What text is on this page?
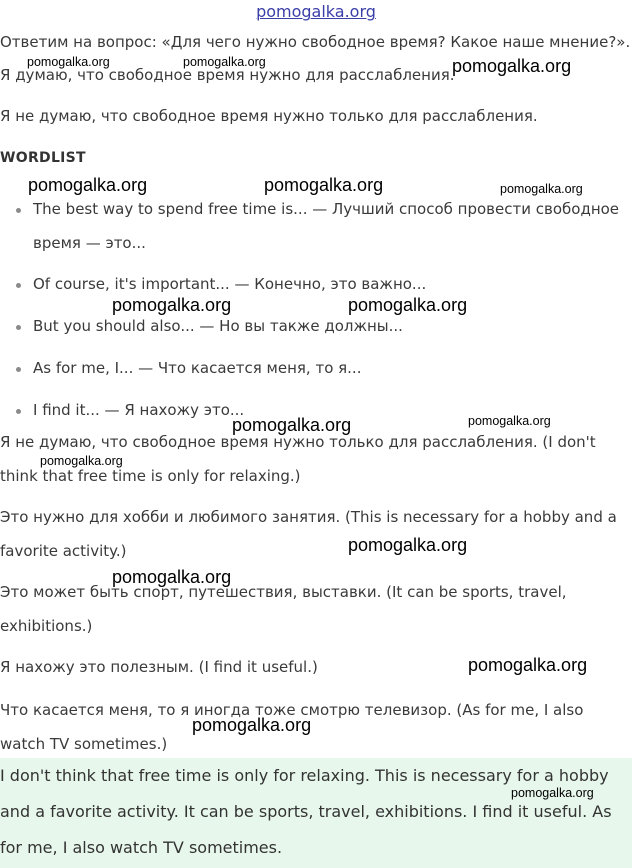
pomogalka.org

Ответим на вопрос: «Для чего нужно свободное время? Какое наше мнение?».

Я думаю, что свободное время нужно для расслабления.

Я не думаю, что свободное время нужно только для расслабления.

WORDLIST
The best way to spend free time is... — Лучший способ провести свободное время — это...
Of course, it's important... — Конечно, это важно...
But you should also... — Но вы также должны...
As for me, I... — Что касается меня, то я...
I find it... — Я нахожу это...

Я не думаю, что свободное время нужно только для расслабления. (I don't think that free time is only for relaxing.)

Это нужно для хобби и любимого занятия. (This is necessary for a hobby and a favorite activity.)

Это может быть спорт, путешествия, выставки. (It can be sports, travel, exhibitions.)

Я нахожу это полезным. (I find it useful.)

Что касается меня, то я иногда тоже смотрю телевизор. (As for me, I also watch TV sometimes.)

I don't think that free time is only for relaxing. This is necessary for a hobby and a favorite activity. It can be sports, travel, exhibitions. I find it useful. As for me, I also watch TV sometimes.

pomogalka.org	pomogalka.org	pomogalka.org
pomogalka.org	pomogalka.org	pomogalka.org
pomogalka.org	pomogalka.org
pomogalka.org	pomogalka.org
pomogalka.org
pomogalka.org
pomogalka.org
pomogalka.org
pomogalka.org
pomogalka.org
